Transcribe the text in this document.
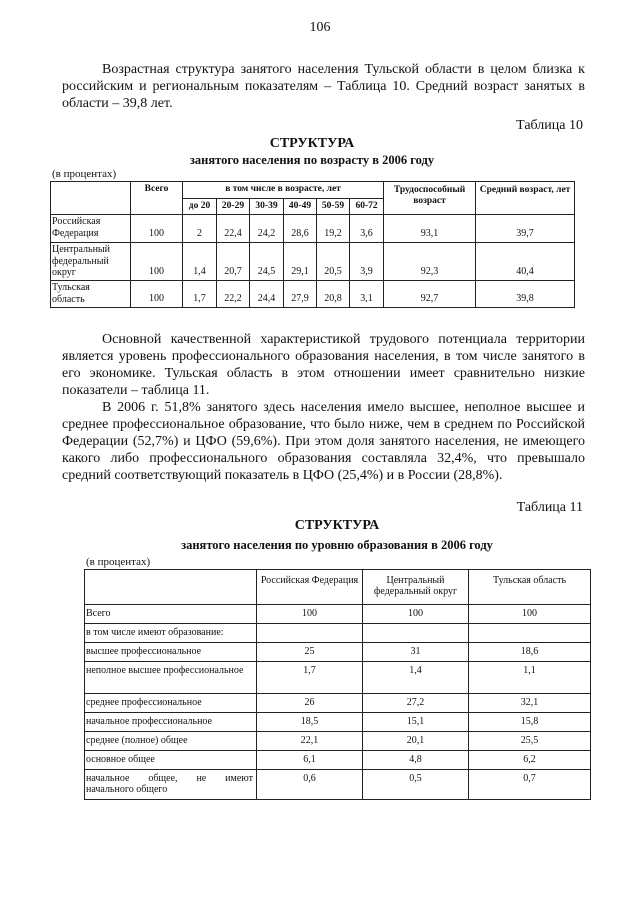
106

Возрастная структура занятого населения Тульской области в целом близка к российским и региональным показателям – Таблица 10. Средний возраст занятых в области – 39,8 лет.

Таблица 10
СТРУКТУРА
занятого населения по возрасту в 2006 году
(в процентах)
	Всего	в том числе в возрасте, лет						Трудоспособный возраст	Средний возраст, лет
		до 20	20-29	30-39	40-49	50-59	60-72		
Российская
Федерация	100	2	22,4	24,2	28,6	19,2	3,6	93,1	39,7
Центральный
федеральный
округ	100	1,4	20,7	24,5	29,1	20,5	3,9	92,3	40,4
Тульская
область	100	1,7	22,2	24,4	27,9	20,8	3,1	92,7	39,8

Основной качественной характеристикой трудового потенциала территории является уровень профессионального образования населения, в том числе занятого в его экономике. Тульская область в этом отношении имеет сравнительно низкие показатели – таблица 11.

В 2006 г. 51,8% занятого здесь населения имело высшее, неполное высшее и среднее профессиональное образование, что было ниже, чем в среднем по Российской Федерации (52,7%) и ЦФО (59,6%). При этом доля занятого населения, не имеющего какого либо профессионального образования составляла 32,4%, что превышало средний соответствующий показатель в ЦФО (25,4%) и в России (28,8%).

Таблица 11
СТРУКТУРА
занятого населения по уровню образования в 2006 году
(в процентах)
	Российская Федерация	Центральный федеральный округ	Тульская область
Всего	100	100	100
в том числе имеют образование:			
высшее профессиональное	25	31	18,6
неполное высшее профессиональное	1,7	1,4	1,1
среднее профессиональное	26	27,2	32,1
начальное профессиональное	18,5	15,1	15,8
среднее (полное) общее	22,1	20,1	25,5
основное общее	6,1	4,8	6,2
начальное общее, не имеют начального общего	0,6	0,5	0,7
